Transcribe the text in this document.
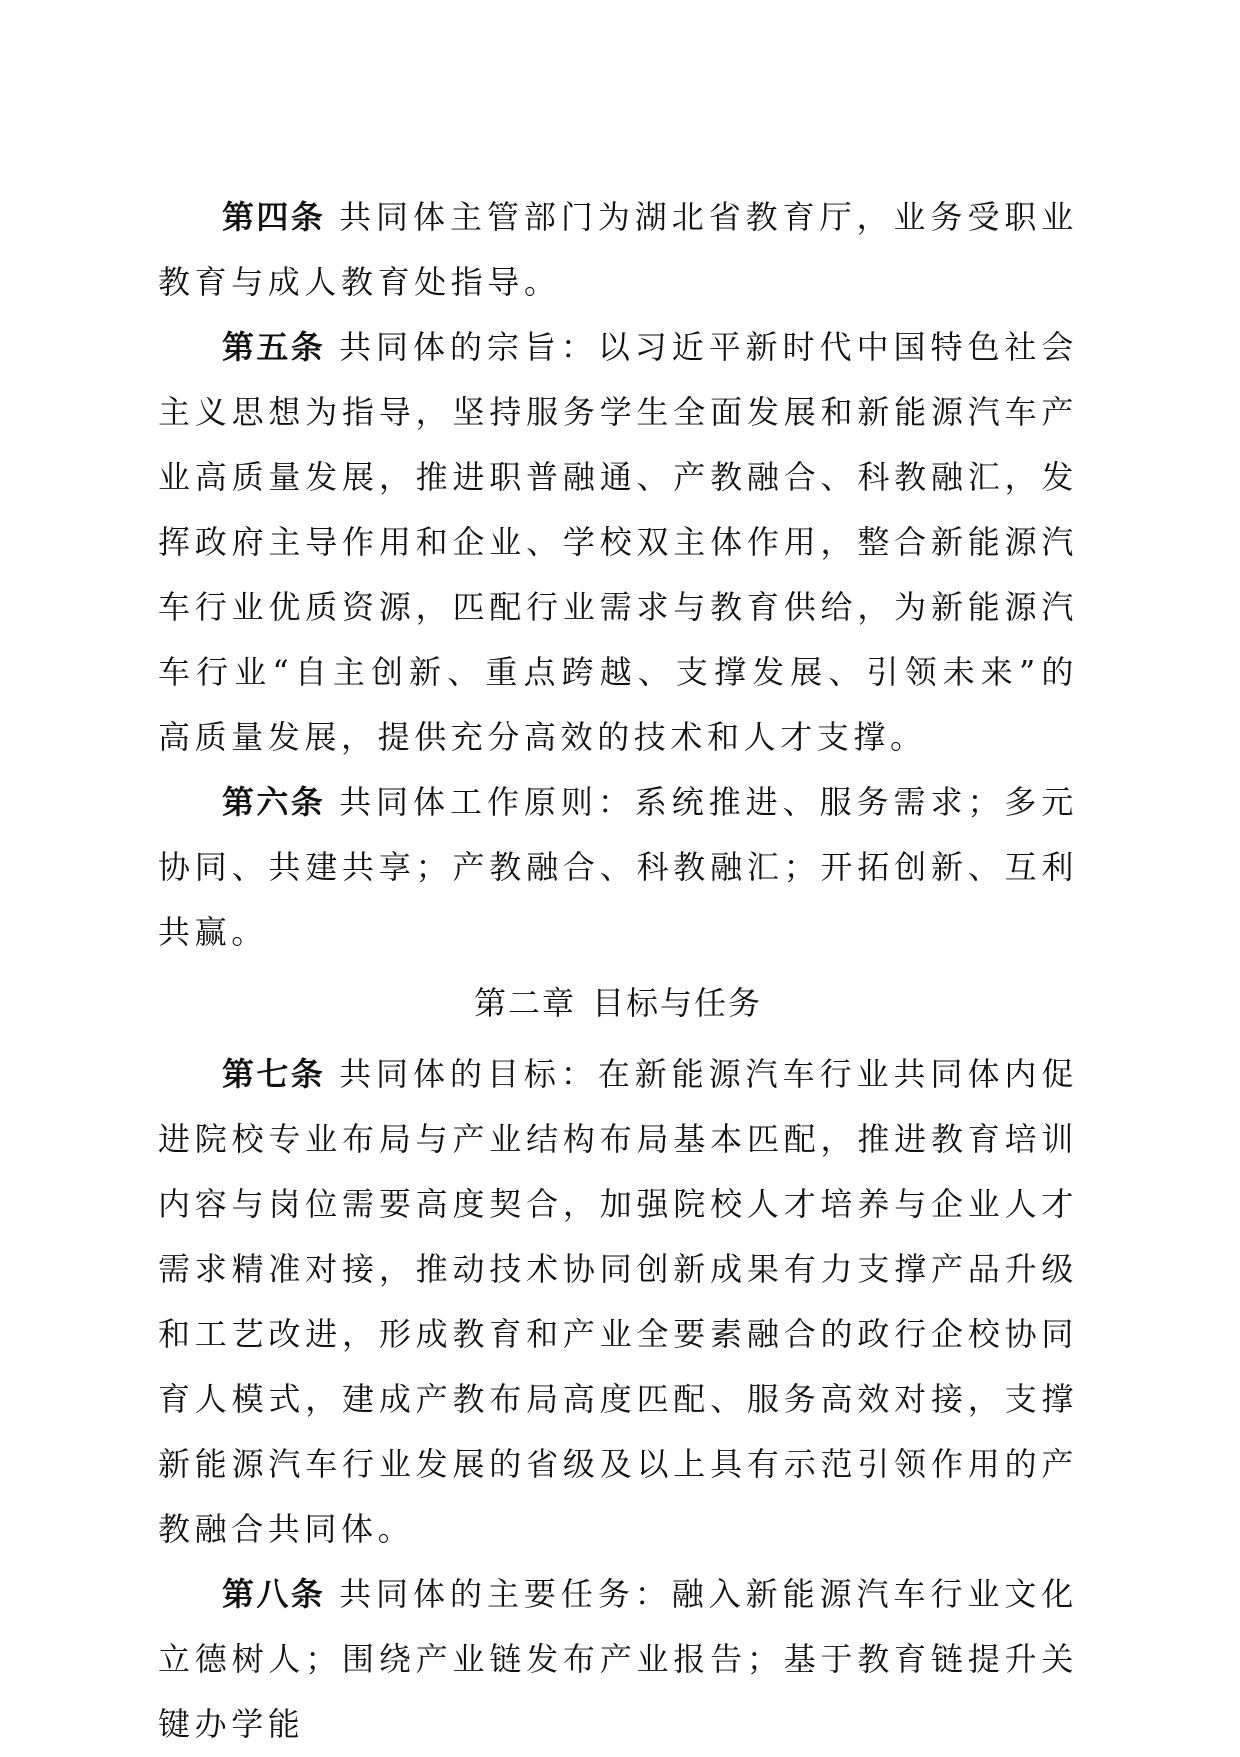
第四条 共同体主管部门为湖北省教育厅，业务受职业教育与成人教育处指导。

第五条 共同体的宗旨：以习近平新时代中国特色社会主义思想为指导，坚持服务学生全面发展和新能源汽车产业高质量发展，推进职普融通、产教融合、科教融汇，发挥政府主导作用和企业、学校双主体作用，整合新能源汽车行业优质资源，匹配行业需求与教育供给，为新能源汽车行业“自主创新、重点跨越、支撑发展、引领未来”的高质量发展，提供充分高效的技术和人才支撑。

第六条 共同体工作原则：系统推进、服务需求；多元协同、共建共享；产教融合、科教融汇；开拓创新、互利共赢。

第二章 目标与任务

第七条 共同体的目标：在新能源汽车行业共同体内促进院校专业布局与产业结构布局基本匹配，推进教育培训内容与岗位需要高度契合，加强院校人才培养与企业人才需求精准对接，推动技术协同创新成果有力支撑产品升级和工艺改进，形成教育和产业全要素融合的政行企校协同育人模式，建成产教布局高度匹配、服务高效对接，支撑新能源汽车行业发展的省级及以上具有示范引领作用的产教融合共同体。

第八条 共同体的主要任务：融入新能源汽车行业文化立德树人；围绕产业链发布产业报告；基于教育链提升关键办学能
